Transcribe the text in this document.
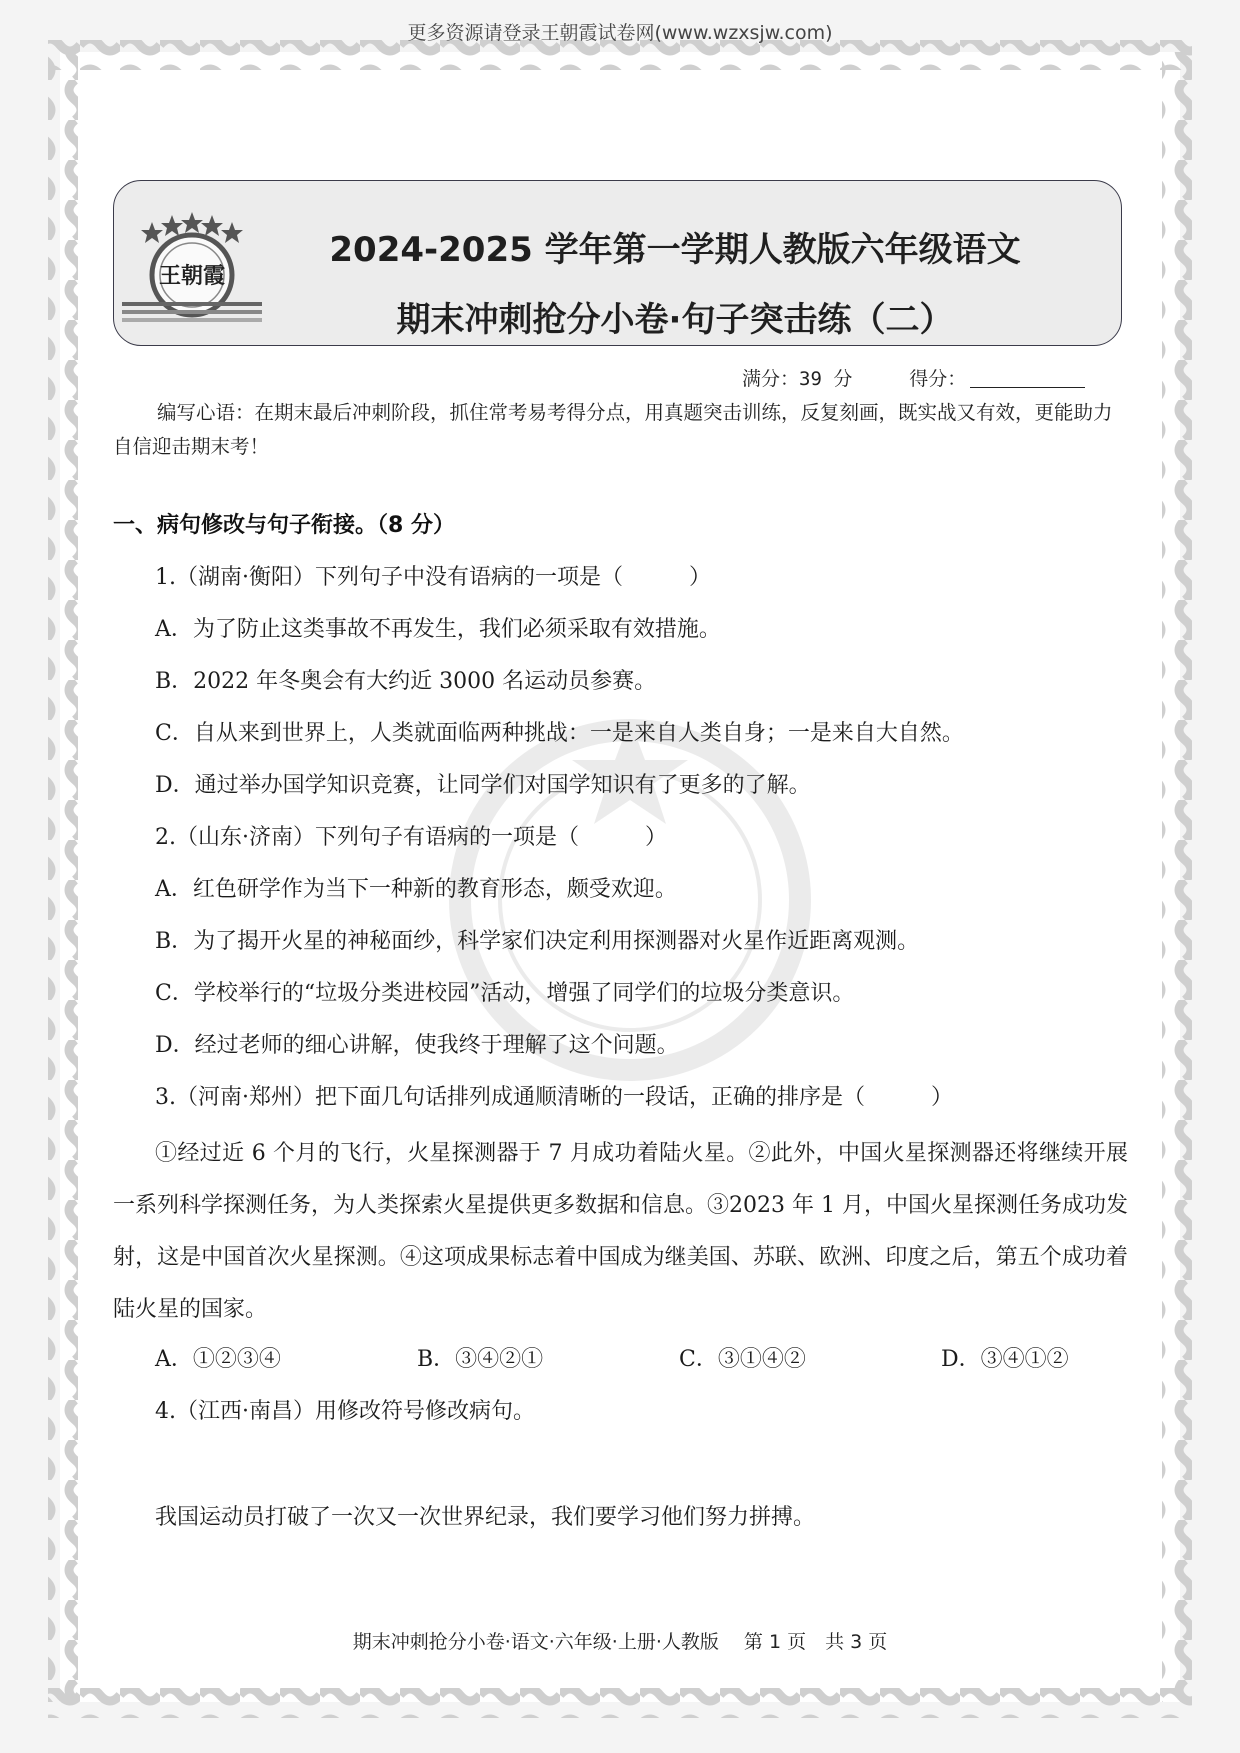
更多资源请登录王朝霞试卷网(www.wzxsjw.com)
王朝霞
2024-2025 学年第一学期人教版六年级语文
期末冲刺抢分小卷·句子突击练（二）
满分：39 分	得分：
编写心语：在期末最后冲刺阶段，抓住常考易考得分点，用真题突击训练，反复刻画，既实战又有效，更能助力自信迎击期末考！
一、病句修改与句子衔接。（8 分）
1.（湖南·衡阳）下列句子中没有语病的一项是（　　　）
A．为了防止这类事故不再发生，我们必须采取有效措施。
B．2022 年冬奥会有大约近 3000 名运动员参赛。
C．自从来到世界上，人类就面临两种挑战：一是来自人类自身；一是来自大自然。
D．通过举办国学知识竞赛，让同学们对国学知识有了更多的了解。
2.（山东·济南）下列句子有语病的一项是（　　　）
A．红色研学作为当下一种新的教育形态，颇受欢迎。
B．为了揭开火星的神秘面纱，科学家们决定利用探测器对火星作近距离观测。
C．学校举行的“垃圾分类进校园”活动，增强了同学们的垃圾分类意识。
D．经过老师的细心讲解，使我终于理解了这个问题。
3.（河南·郑州）把下面几句话排列成通顺清晰的一段话，正确的排序是（　　　）
①经过近 6 个月的飞行，火星探测器于 7 月成功着陆火星。②此外，中国火星探测器还将继续开展一系列科学探测任务，为人类探索火星提供更多数据和信息。③2023 年 1 月，中国火星探测任务成功发射，这是中国首次火星探测。④这项成果标志着中国成为继美国、苏联、欧洲、印度之后，第五个成功着陆火星的国家。
A．①②③④	B．③④②①	C．③①④②	D．③④①②
4.（江西·南昌）用修改符号修改病句。
我国运动员打破了一次又一次世界纪录，我们要学习他们努力拼搏。
期末冲刺抢分小卷·语文·六年级·上册·人教版　 第 1 页　共 3 页
